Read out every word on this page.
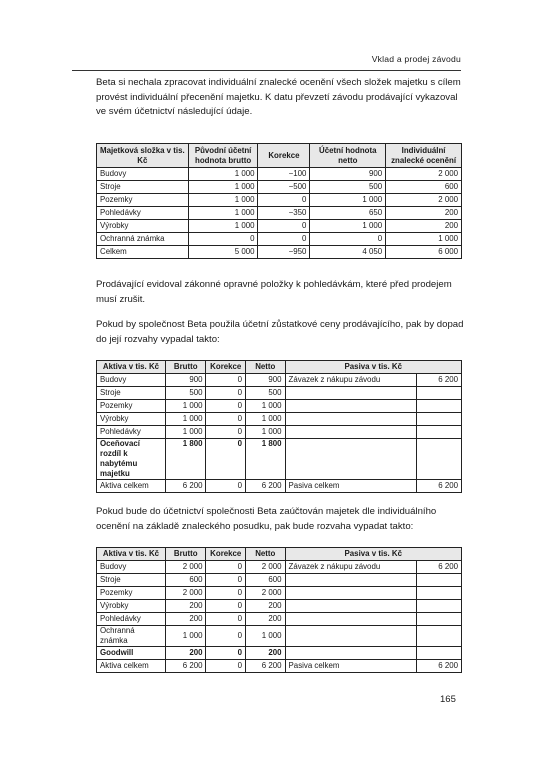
Vklad a prodej závodu

Beta si nechala zpracovat individuální znalecké ocenění všech složek majetku s cílem provést individuální přecenění majetku. K datu převzetí závodu prodávající vykazoval ve svém účetnictví následující údaje.

Majetková složka v tis. Kč	Původní účetní hodnota brutto	Korekce	Účetní hodnota netto	Individuální znalecké ocenění
Budovy	1 000	−100	900	2 000
Stroje	1 000	−500	500	600
Pozemky	1 000	0	1 000	2 000
Pohledávky	1 000	−350	650	200
Výrobky	1 000	0	1 000	200
Ochranná známka	0	0	0	1 000
Celkem	5 000	−950	4 050	6 000

Prodávající evidoval zákonné opravné položky k pohledávkám, které před prodejem musí zrušit.

Pokud by společnost Beta použila účetní zůstatkové ceny prodávajícího, pak by dopad do její rozvahy vypadal takto:

Aktiva v tis. Kč	Brutto	Korekce	Netto	Pasiva v tis. Kč	
Budovy	900	0	900	Závazek z nákupu závodu	6 200
Stroje	500	0	500		
Pozemky	1 000	0	1 000		
Výrobky	1 000	0	1 000		
Pohledávky	1 000	0	1 000		
Oceňovací rozdíl k nabytému majetku	1 800	0	1 800		
Aktiva celkem	6 200	0	6 200	Pasiva celkem	6 200

Pokud bude do účetnictví společnosti Beta zaúčtován majetek dle individuálního ocenění na základě znaleckého posudku, pak bude rozvaha vypadat takto:

Aktiva v tis. Kč	Brutto	Korekce	Netto	Pasiva v tis. Kč	
Budovy	2 000	0	2 000	Závazek z nákupu závodu	6 200
Stroje	600	0	600		
Pozemky	2 000	0	2 000		
Výrobky	200	0	200		
Pohledávky	200	0	200		
Ochranná známka	1 000	0	1 000		
Goodwill	200	0	200		
Aktiva celkem	6 200	0	6 200	Pasiva celkem	6 200
165
